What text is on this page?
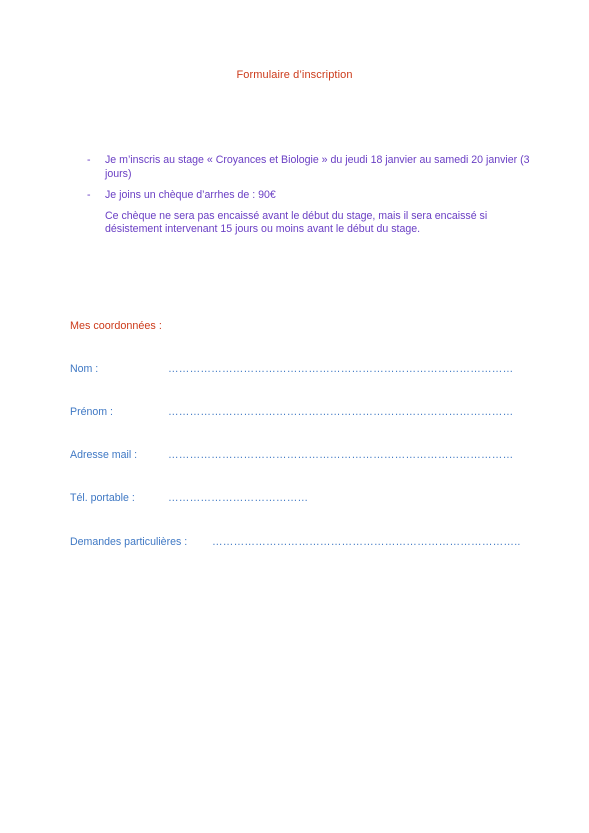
Formulaire d’inscription
- Je m’inscris au stage « Croyances et Biologie » du jeudi 18 janvier au samedi 20 janvier (3 jours)
- Je joins un chèque d’arrhes de : 90€
Ce chèque ne sera pas encaissé avant le début du stage, mais il sera encaissé si désistement intervenant 15 jours ou moins avant le début du stage.
Mes coordonnées :
Nom :	……………………………………………………………………………………
Prénom :	……………………………………………………………………………………
Adresse mail :	……………………………………………………………………………………
Tél. portable :	…………………………………
Demandes particulières : …………………………………………………………………………..
